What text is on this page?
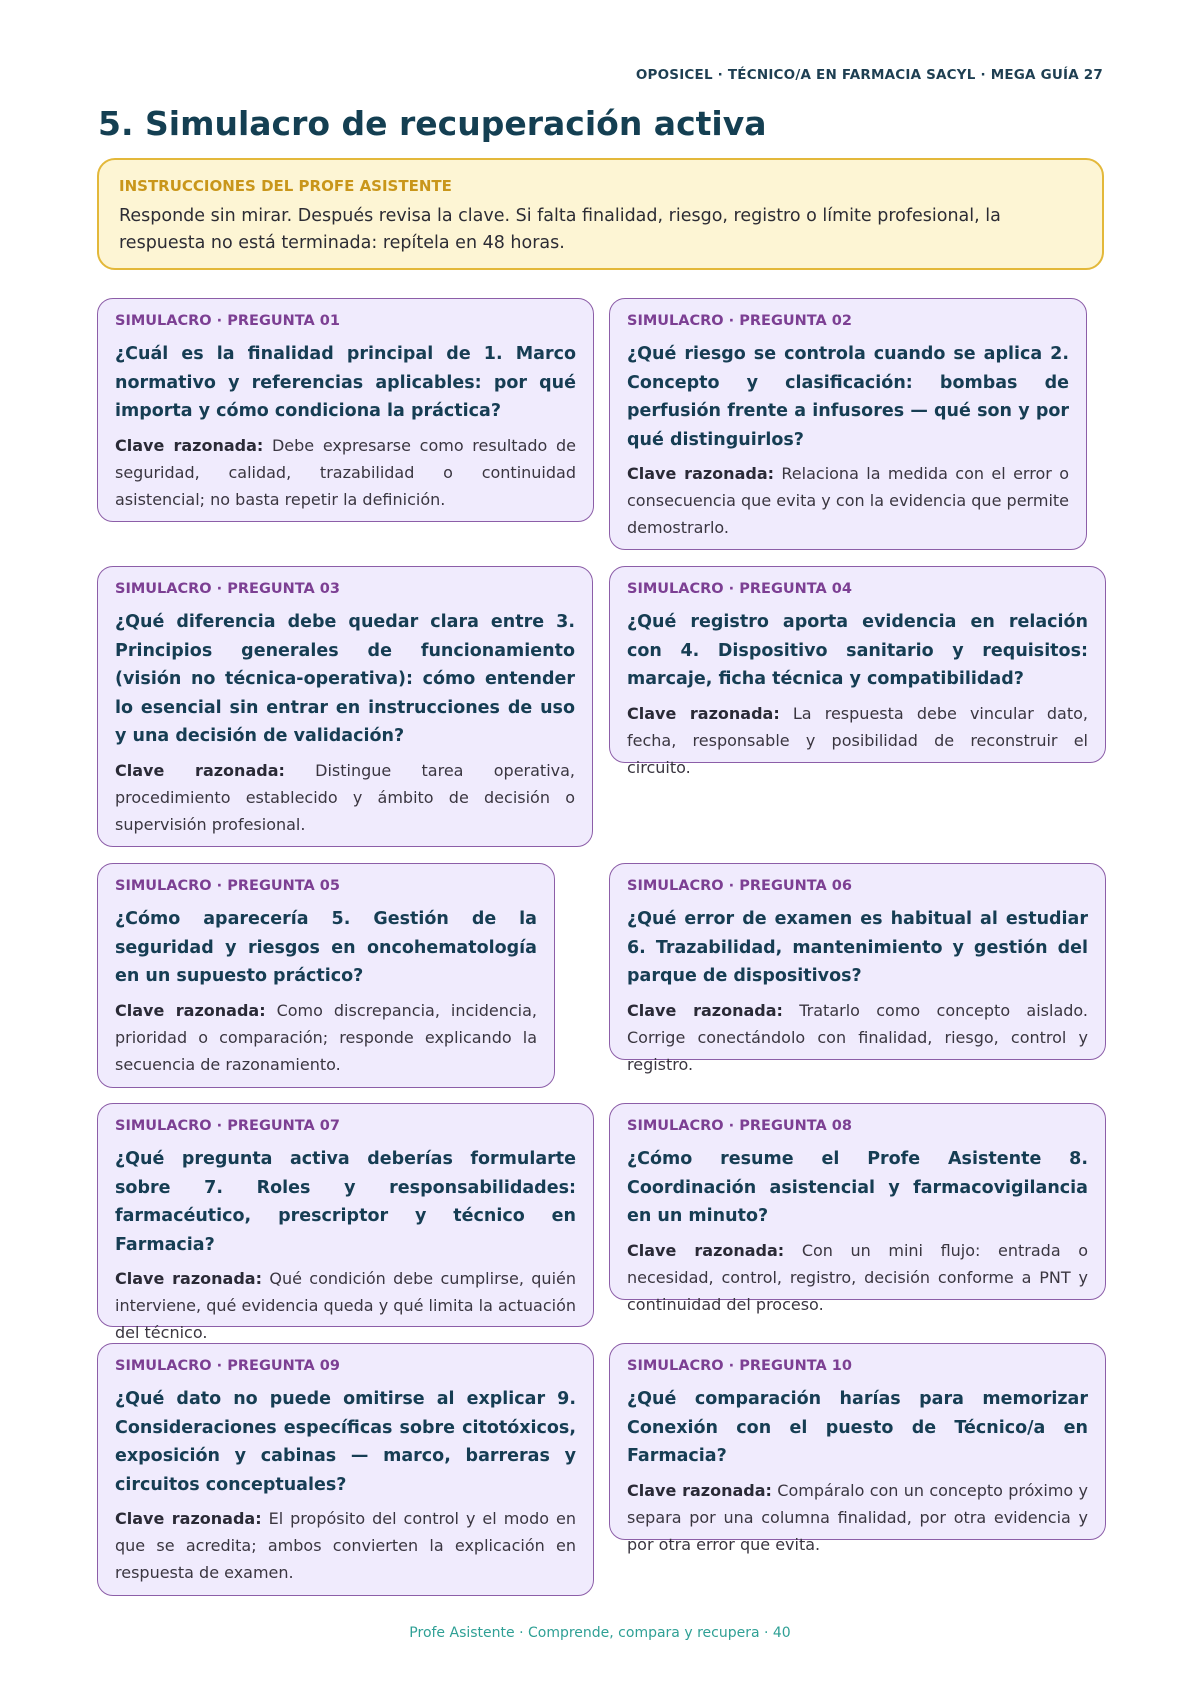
OPOSICEL · TÉCNICO/A EN FARMACIA SACYL · MEGA GUÍA 27
5. Simulacro de recuperación activa
INSTRUCCIONES DEL PROFE ASISTENTE
Responde sin mirar. Después revisa la clave. Si falta finalidad, riesgo, registro o límite profesional, la respuesta no está terminada: repítela en 48 horas.
SIMULACRO · PREGUNTA 01
¿Cuál es la finalidad principal de 1. Marco normativo y referencias aplicables: por qué importa y cómo condiciona la práctica?
Clave razonada: Debe expresarse como resultado de seguridad, calidad, trazabilidad o continuidad asistencial; no basta repetir la definición.
SIMULACRO · PREGUNTA 02
¿Qué riesgo se controla cuando se aplica 2. Concepto y clasificación: bombas de perfusión frente a infusores — qué son y por qué distinguirlos?
Clave razonada: Relaciona la medida con el error o consecuencia que evita y con la evidencia que permite demostrarlo.
SIMULACRO · PREGUNTA 03
¿Qué diferencia debe quedar clara entre 3. Principios generales de funcionamiento (visión no técnica-operativa): cómo entender lo esencial sin entrar en instrucciones de uso y una decisión de validación?
Clave razonada: Distingue tarea operativa, procedimiento establecido y ámbito de decisión o supervisión profesional.
SIMULACRO · PREGUNTA 04
¿Qué registro aporta evidencia en relación con 4. Dispositivo sanitario y requisitos: marcaje, ficha técnica y compatibilidad?
Clave razonada: La respuesta debe vincular dato, fecha, responsable y posibilidad de reconstruir el circuito.
SIMULACRO · PREGUNTA 05
¿Cómo aparecería 5. Gestión de la seguridad y riesgos en oncohematología en un supuesto práctico?
Clave razonada: Como discrepancia, incidencia, prioridad o comparación; responde explicando la secuencia de razonamiento.
SIMULACRO · PREGUNTA 06
¿Qué error de examen es habitual al estudiar 6. Trazabilidad, mantenimiento y gestión del parque de dispositivos?
Clave razonada: Tratarlo como concepto aislado. Corrige conectándolo con finalidad, riesgo, control y registro.
SIMULACRO · PREGUNTA 07
¿Qué pregunta activa deberías formularte sobre 7. Roles y responsabilidades: farmacéutico, prescriptor y técnico en Farmacia?
Clave razonada: Qué condición debe cumplirse, quién interviene, qué evidencia queda y qué limita la actuación del técnico.
SIMULACRO · PREGUNTA 08
¿Cómo resume el Profe Asistente 8. Coordinación asistencial y farmacovigilancia en un minuto?
Clave razonada: Con un mini flujo: entrada o necesidad, control, registro, decisión conforme a PNT y continuidad del proceso.
SIMULACRO · PREGUNTA 09
¿Qué dato no puede omitirse al explicar 9. Consideraciones específicas sobre citotóxicos, exposición y cabinas — marco, barreras y circuitos conceptuales?
Clave razonada: El propósito del control y el modo en que se acredita; ambos convierten la explicación en respuesta de examen.
SIMULACRO · PREGUNTA 10
¿Qué comparación harías para memorizar Conexión con el puesto de Técnico/a en Farmacia?
Clave razonada: Compáralo con un concepto próximo y separa por una columna finalidad, por otra evidencia y por otra error que evita.
Profe Asistente · Comprende, compara y recupera · 40
